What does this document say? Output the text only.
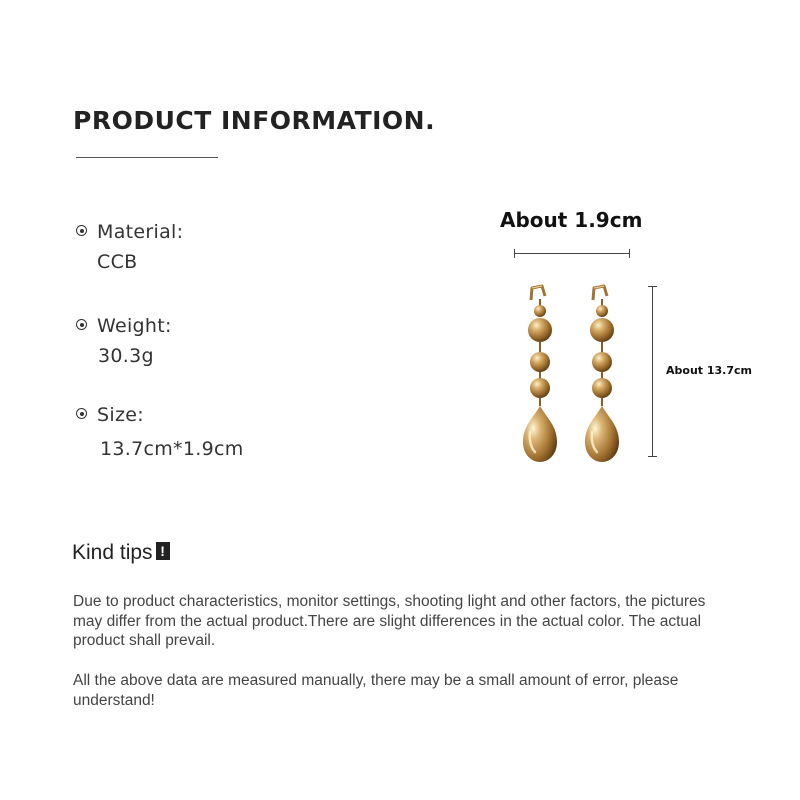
PRODUCT INFORMATION.
Material:
CCB
Weight:
30.3g
Size:
13.7cm*1.9cm
About 1.9cm
About 13.7cm
Kind tips !

Due to product characteristics, monitor settings, shooting light and other factors, the pictures may differ from the actual product.There are slight differences in the actual color. The actual product shall prevail.

All the above data are measured manually, there may be a small amount of error, please understand!
